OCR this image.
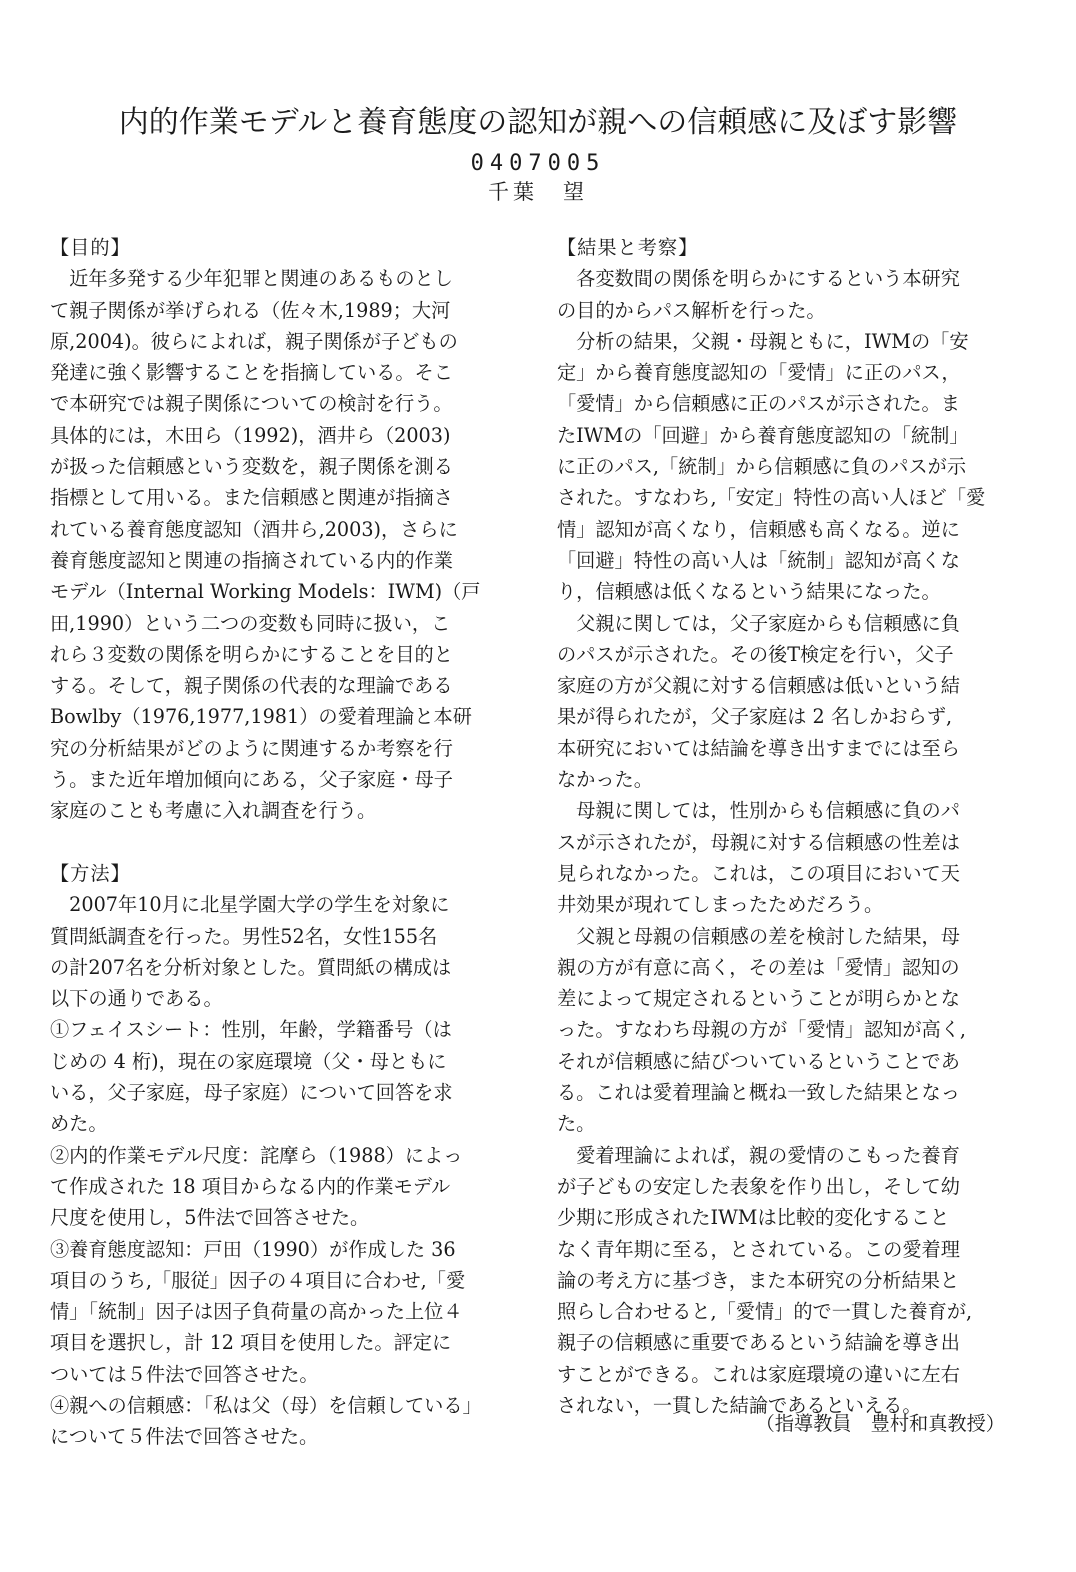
内的作業モデルと養育態度の認知が親への信頼感に及ぼす影響
0407005
千葉　望
【目的】
　近年多発する少年犯罪と関連のあるものとし
て親子関係が挙げられる（佐々木,1989；大河
原,2004)。彼らによれば，親子関係が子どもの
発達に強く影響することを指摘している。そこ
で本研究では親子関係についての検討を行う。
具体的には，木田ら（1992)，酒井ら（2003)
が扱った信頼感という変数を，親子関係を測る
指標として用いる。また信頼感と関連が指摘さ
れている養育態度認知（酒井ら,2003)，さらに
養育態度認知と関連の指摘されている内的作業
モデル（Internal Working Models：IWM)（戸
田,1990）という二つの変数も同時に扱い，こ
れら３変数の関係を明らかにすることを目的と
する。そして，親子関係の代表的な理論である
Bowlby（1976,1977,1981）の愛着理論と本研
究の分析結果がどのように関連するか考察を行
う。また近年増加傾向にある，父子家庭・母子
家庭のことも考慮に入れ調査を行う。
【方法】
　2007年10月に北星学園大学の学生を対象に
質問紙調査を行った。男性52名，女性155名
の計207名を分析対象とした。質問紙の構成は
以下の通りである。
①フェイスシート：性別，年齢，学籍番号（は
じめの 4 桁)，現在の家庭環境（父・母ともに
いる，父子家庭，母子家庭）について回答を求
めた。
②内的作業モデル尺度：詫摩ら（1988）によっ
て作成された 18 項目からなる内的作業モデル
尺度を使用し，5件法で回答させた。
③養育態度認知：戸田（1990）が作成した 36
項目のうち,「服従」因子の４項目に合わせ,「愛
情」「統制」因子は因子負荷量の高かった上位４
項目を選択し，計 12 項目を使用した。評定に
ついては５件法で回答させた。
④親への信頼感：「私は父（母）を信頼している」
について５件法で回答させた。
【結果と考察】
　各変数間の関係を明らかにするという本研究
の目的からパス解析を行った。
　分析の結果，父親・母親ともに，IWMの「安
定」から養育態度認知の「愛情」に正のパス，
「愛情」から信頼感に正のパスが示された。ま
たIWMの「回避」から養育態度認知の「統制」
に正のパス,「統制」から信頼感に負のパスが示
された。すなわち,「安定」特性の高い人ほど「愛
情」認知が高くなり，信頼感も高くなる。逆に
「回避」特性の高い人は「統制」認知が高くな
り，信頼感は低くなるという結果になった。
　父親に関しては，父子家庭からも信頼感に負
のパスが示された。その後T検定を行い，父子
家庭の方が父親に対する信頼感は低いという結
果が得られたが，父子家庭は 2 名しかおらず,
本研究においては結論を導き出すまでには至ら
なかった。
　母親に関しては，性別からも信頼感に負のパ
スが示されたが，母親に対する信頼感の性差は
見られなかった。これは，この項目において天
井効果が現れてしまったためだろう。
　父親と母親の信頼感の差を検討した結果，母
親の方が有意に高く，その差は「愛情」認知の
差によって規定されるということが明らかとな
った。すなわち母親の方が「愛情」認知が高く,
それが信頼感に結びついているということであ
る。これは愛着理論と概ね一致した結果となっ
た。
　愛着理論によれば，親の愛情のこもった養育
が子どもの安定した表象を作り出し，そして幼
少期に形成されたIWMは比較的変化すること
なく青年期に至る，とされている。この愛着理
論の考え方に基づき，また本研究の分析結果と
照らし合わせると,「愛情」的で一貫した養育が,
親子の信頼感に重要であるという結論を導き出
すことができる。これは家庭環境の違いに左右
されない，一貫した結論であるといえる。
（指導教員　豊村和真教授）
